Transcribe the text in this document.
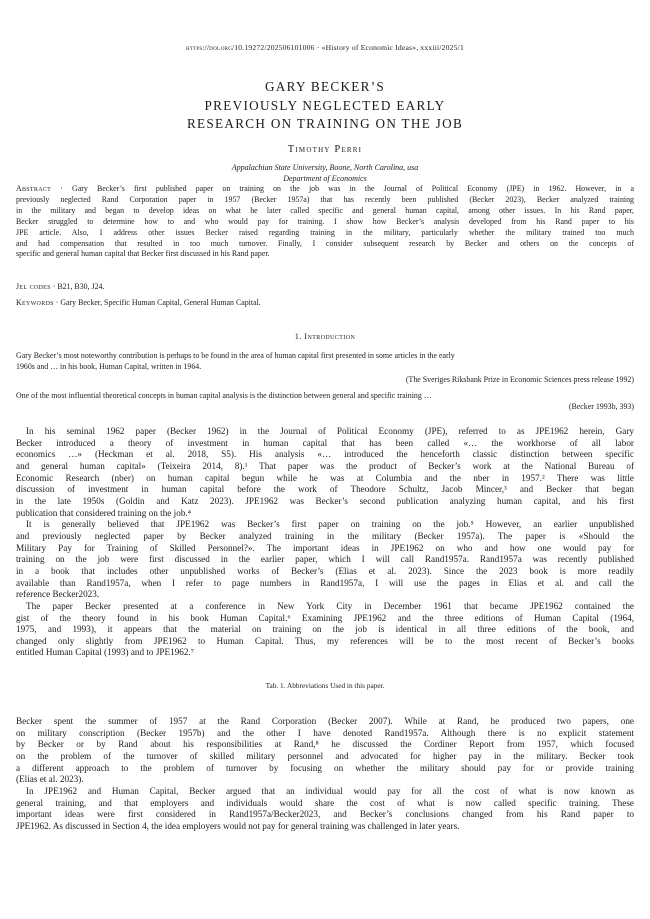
https://doi.org/10.19272/202506101006 · «History of Economic Ideas», xxxiii/2025/1
GARY BECKER’S
PREVIOUSLY NEGLECTED EARLY
RESEARCH ON TRAINING ON THE JOB
Timothy Perri
Appalachian State University, Boone, North Carolina, usa
Department of Economics
Abstract · Gary Becker’s first published paper on training on the job was in the Journal of Political Economy (JPE) in 1962. However, in a
previously neglected Rand Corporation paper in 1957 (Becker 1957a) that has recently been published (Becker 2023), Becker analyzed training
in the military and began to develop ideas on what he later called specific and general human capital, among other issues. In his Rand paper,
Becker struggled to determine how to and who would pay for training. I show how Becker’s analysis developed from his Rand paper to his
JPE article. Also, I address other issues Becker raised regarding training in the military, particularly whether the military trained too much
and had compensation that resulted in too much turnover. Finally, I consider subsequent research by Becker and others on the concepts of
specific and general human capital that Becker first discussed in his Rand paper.
Jel codes · B21, B30, J24.
Keywords · Gary Becker, Specific Human Capital, General Human Capital.
1. Introduction
Gary Becker’s most noteworthy contribution is perhaps to be found in the area of human capital first presented in some articles in the early
1960s and … in his book, Human Capital, written in 1964.
(The Sveriges Riksbank Prize in Economic Sciences press release 1992)
One of the most influential theoretical concepts in human capital analysis is the distinction between general and specific training …
(Becker 1993b, 393)
In his seminal 1962 paper (Becker 1962) in the Journal of Political Economy (JPE), referred to as JPE1962 herein, Gary
Becker introduced a theory of investment in human capital that has been called «… the workhorse of all labor
economics …» (Heckman et al. 2018, S5). His analysis «… introduced the henceforth classic distinction between specific
and general human capital» (Teixeira 2014, 8).¹ That paper was the product of Becker’s work at the National Bureau of
Economic Research (nber) on human capital begun while he was at Columbia and the nber in 1957.² There was little
discussion of investment in human capital before the work of Theodore Schultz, Jacob Mincer,³ and Becker that began
in the late 1950s (Goldin and Katz 2023). JPE1962 was Becker’s second publication analyzing human capital, and his first
publication that considered training on the job.⁴
It is generally believed that JPE1962 was Becker’s first paper on training on the job.⁵ However, an earlier unpublished
and previously neglected paper by Becker analyzed training in the military (Becker 1957a). The paper is «Should the
Military Pay for Training of Skilled Personnel?». The important ideas in JPE1962 on who and how one would pay for
training on the job were first discussed in the earlier paper, which I will call Rand1957a. Rand1957a was recently published
in a book that includes other unpublished works of Becker’s (Elias et al. 2023). Since the 2023 book is more readily
available than Rand1957a, when I refer to page numbers in Rand1957a, I will use the pages in Elias et al. and call the
reference Becker2023.
The paper Becker presented at a conference in New York City in December 1961 that became JPE1962 contained the
gist of the theory found in his book Human Capital.⁶ Examining JPE1962 and the three editions of Human Capital (1964,
1975, and 1993), it appears that the material on training on the job is identical in all three editions of the book, and
changed only slightly from JPE1962 to Human Capital. Thus, my references will be to the most recent of Becker’s books
entitled Human Capital (1993) and to JPE1962.⁷
Tab. 1. Abbreviations Used in this paper.
Becker spent the summer of 1957 at the Rand Corporation (Becker 2007). While at Rand, he produced two papers, one
on military conscription (Becker 1957b) and the other I have denoted Rand1957a. Although there is no explicit statement
by Becker or by Rand about his responsibilities at Rand,⁸ he discussed the Cordiner Report from 1957, which focused
on the problem of the turnover of skilled military personnel and advocated for higher pay in the military. Becker took
a different approach to the problem of turnover by focusing on whether the military should pay for or provide training
(Elias et al. 2023).
In JPE1962 and Human Capital, Becker argued that an individual would pay for all the cost of what is now known as
general training, and that employers and individuals would share the cost of what is now called specific training. These
important ideas were first considered in Rand1957a/Becker2023, and Becker’s conclusions changed from his Rand paper to
JPE1962. As discussed in Section 4, the idea employers would not pay for general training was challenged in later years.
